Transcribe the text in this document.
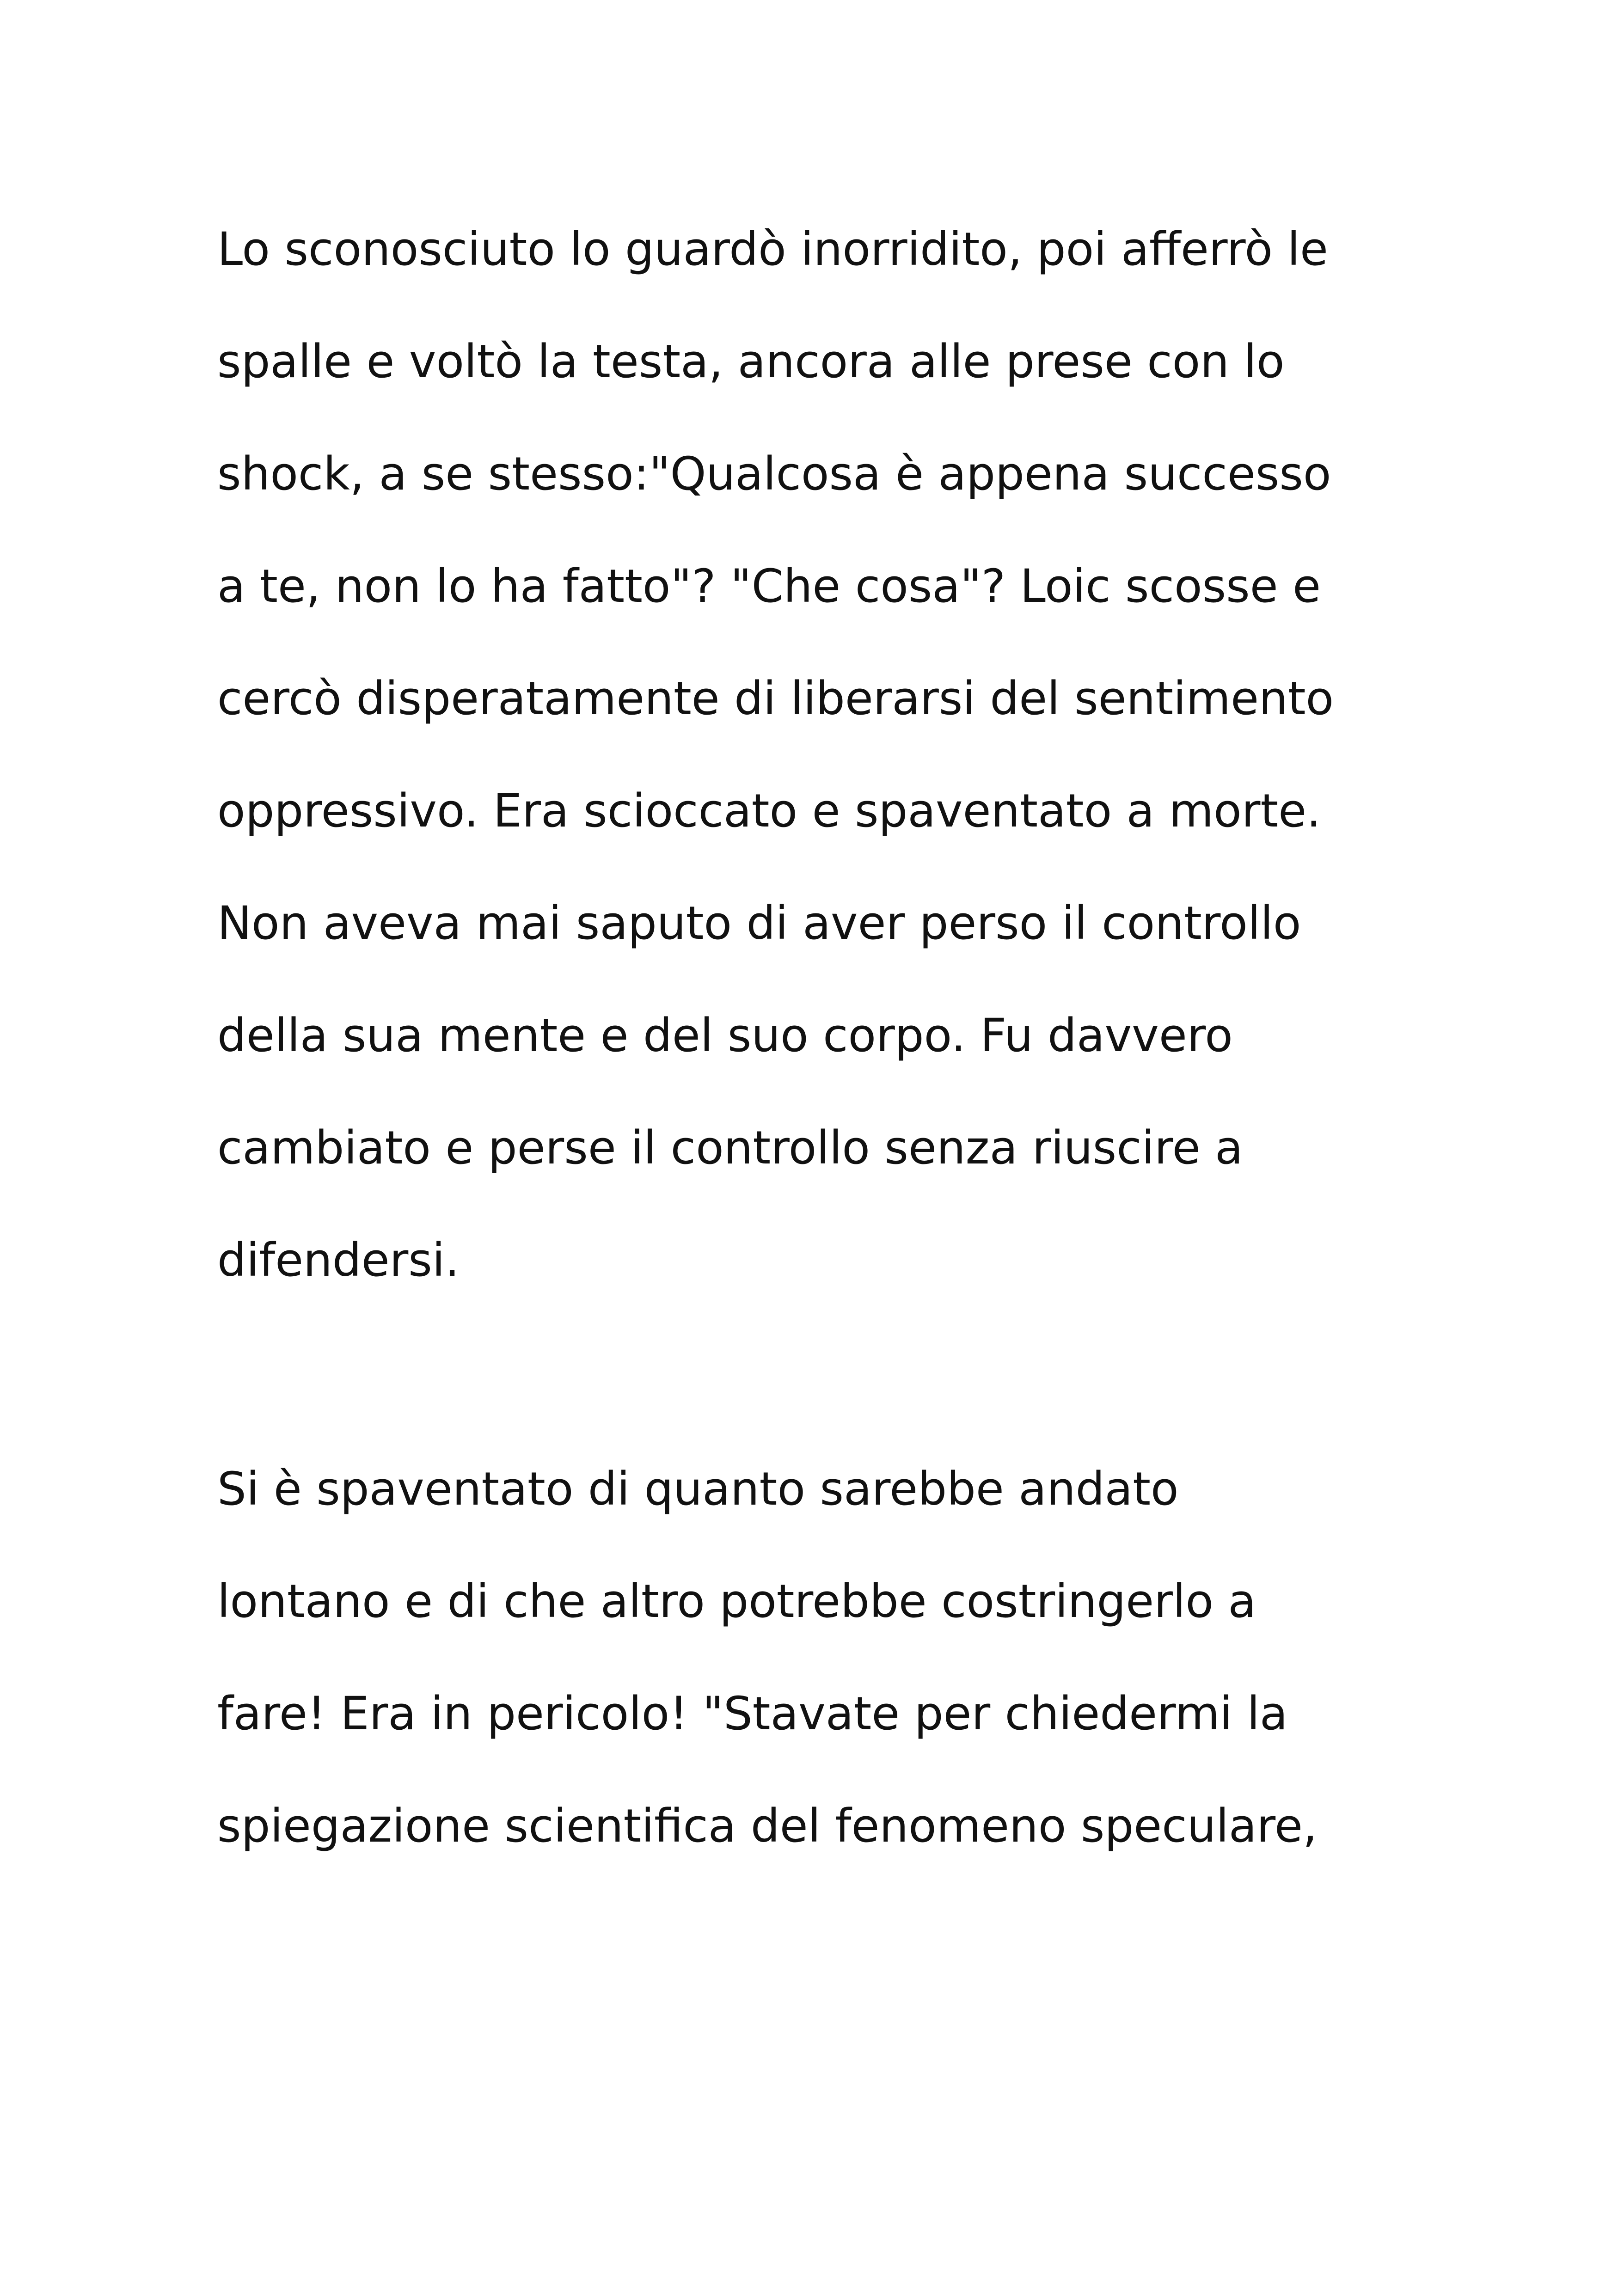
Lo sconosciuto lo guardò inorridito, poi afferrò le
spalle e voltò la testa, ancora alle prese con lo
shock, a se stesso:"Qualcosa è appena successo
a te, non lo ha fatto"? "Che cosa"? Loic scosse e
cercò disperatamente di liberarsi del sentimento
oppressivo. Era scioccato e spaventato a morte.
Non aveva mai saputo di aver perso il controllo
della sua mente e del suo corpo. Fu davvero
cambiato e perse il controllo senza riuscire a
difendersi.
Si è spaventato di quanto sarebbe andato
lontano e di che altro potrebbe costringerlo a
fare! Era in pericolo! "Stavate per chiedermi la
spiegazione scientifica del fenomeno speculare,
